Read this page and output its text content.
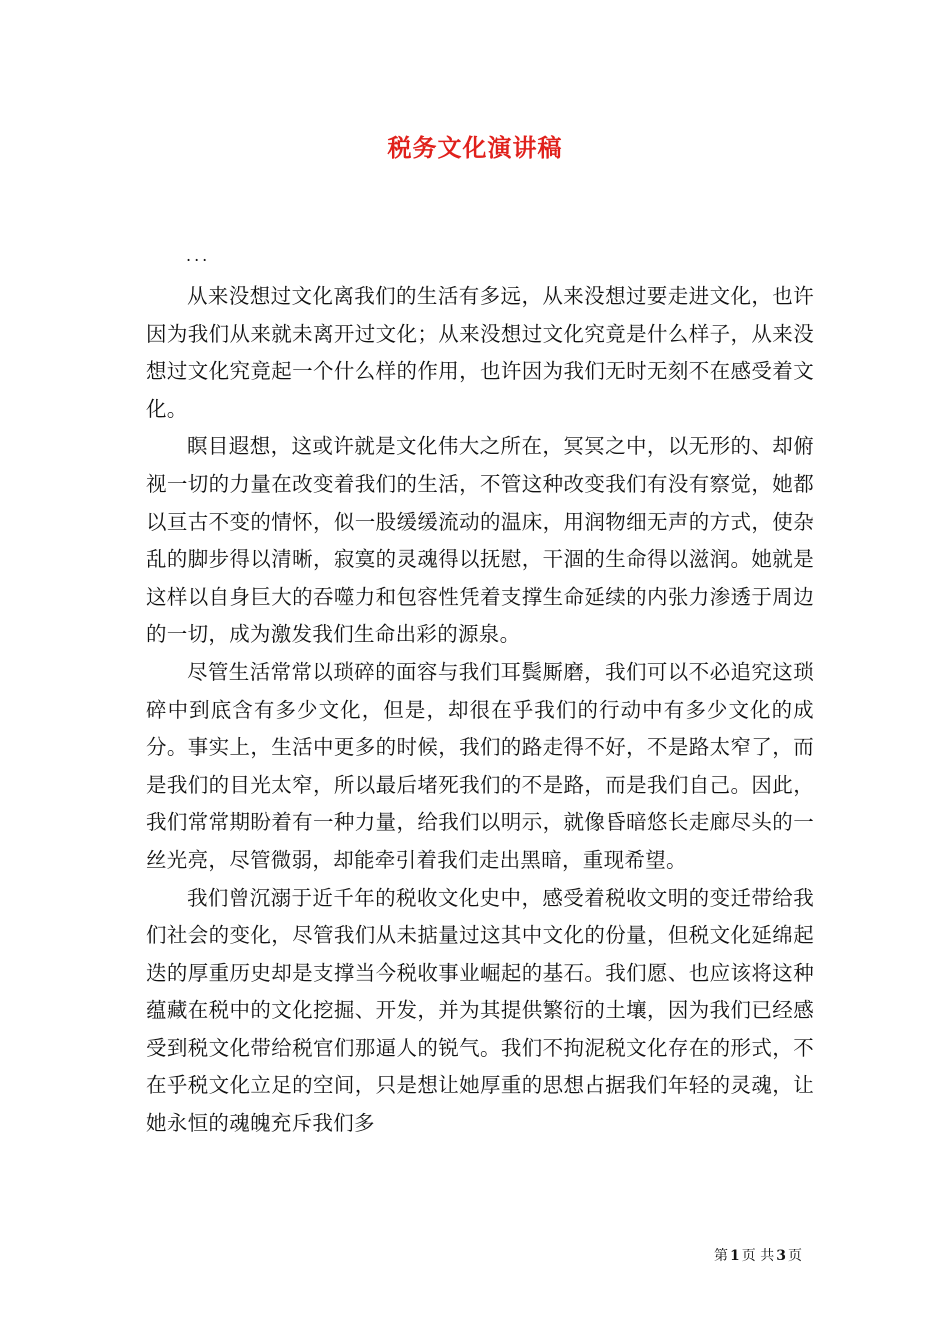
税务文化演讲稿
...

从来没想过文化离我们的生活有多远，从来没想过要走进文化，也许因为我们从来就未离开过文化；从来没想过文化究竟是什么样子，从来没想过文化究竟起一个什么样的作用，也许因为我们无时无刻不在感受着文化。

瞑目遐想，这或许就是文化伟大之所在，冥冥之中，以无形的、却俯视一切的力量在改变着我们的生活，不管这种改变我们有没有察觉，她都以亘古不变的情怀，似一股缓缓流动的温床，用润物细无声的方式，使杂乱的脚步得以清晰，寂寞的灵魂得以抚慰，干涸的生命得以滋润。她就是这样以自身巨大的吞噬力和包容性凭着支撑生命延续的内张力渗透于周边的一切，成为激发我们生命出彩的源泉。

尽管生活常常以琐碎的面容与我们耳鬓厮磨，我们可以不必追究这琐碎中到底含有多少文化，但是，却很在乎我们的行动中有多少文化的成分。事实上，生活中更多的时候，我们的路走得不好，不是路太窄了，而是我们的目光太窄，所以最后堵死我们的不是路，而是我们自己。因此，我们常常期盼着有一种力量，给我们以明示，就像昏暗悠长走廊尽头的一丝光亮，尽管微弱，却能牵引着我们走出黑暗，重现希望。

我们曾沉溺于近千年的税收文化史中，感受着税收文明的变迁带给我们社会的变化，尽管我们从未掂量过这其中文化的份量，但税文化延绵起迭的厚重历史却是支撑当今税收事业崛起的基石。我们愿、也应该将这种蕴藏在税中的文化挖掘、开发，并为其提供繁衍的土壤，因为我们已经感受到税文化带给税官们那逼人的锐气。我们不拘泥税文化存在的形式，不在乎税文化立足的空间，只是想让她厚重的思想占据我们年轻的灵魂，让她永恒的魂魄充斥我们多

第 1 页 共 3 页
